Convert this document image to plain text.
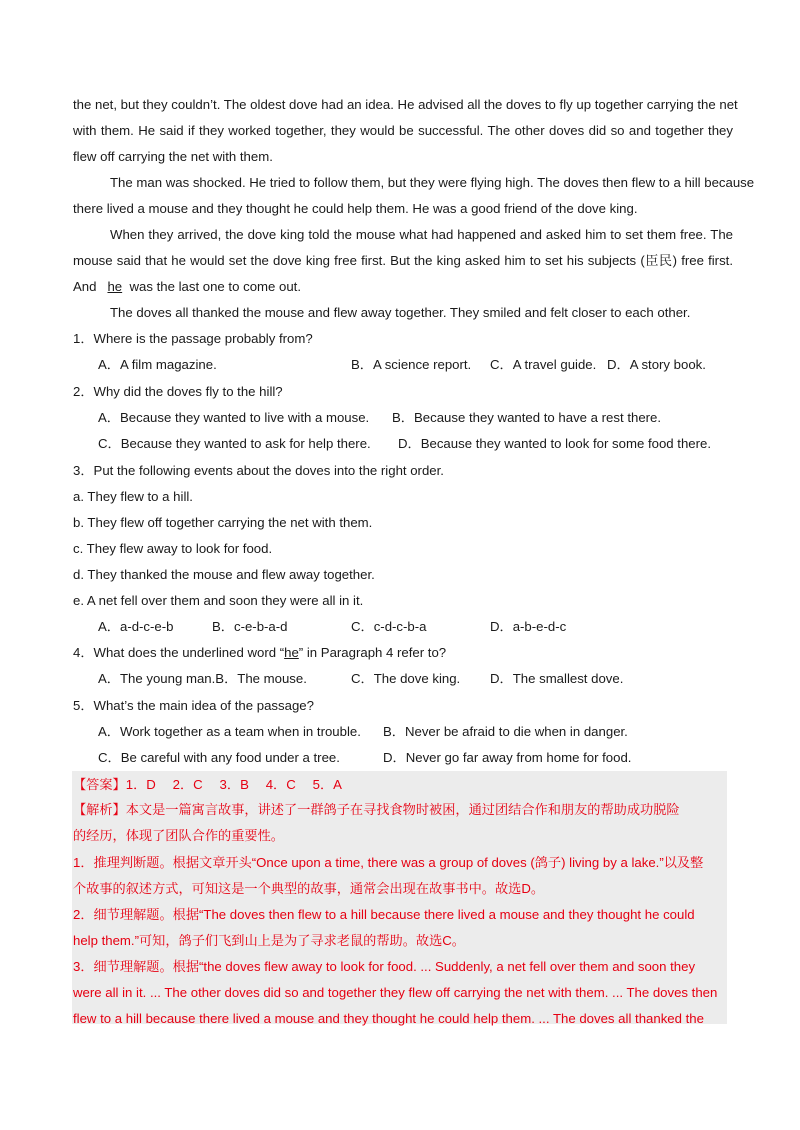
the net, but they couldn’t. The oldest dove had an idea. He advised all the doves to fly up together carrying the net
with them. He said if they worked together, they would be successful. The other doves did so and together they
flew off carrying the net with them.
The man was shocked. He tried to follow them, but they were flying high. The doves then flew to a hill because
there lived a mouse and they thought he could help them. He was a good friend of the dove king.
When they arrived, the dove king told the mouse what had happened and asked him to set them free. The
mouse said that he would set the dove king free first. But the king asked him to set his subjects (臣民) free first.
And he was the last one to come out.
The doves all thanked the mouse and flew away together. They smiled and felt closer to each other.
1．Where is the passage probably from?
A．A film magazine.	B．A science report. C．A travel guide. D．A story book.
2．Why did the doves fly to the hill?
A．Because they wanted to live with a mouse. B．Because they wanted to have a rest there.
C．Because they wanted to ask for help there. D．Because they wanted to look for some food there.
3．Put the following events about the doves into the right order.
a. They flew to a hill.
b. They flew off together carrying the net with them.
c. They flew away to look for food.
d. They thanked the mouse and flew away together.
e. A net fell over them and soon they were all in it.
A．a-d-c-e-b	B．c-e-b-a-d	C．c-d-c-b-a	D．a-b-e-d-c
4．What does the underlined word “he” in Paragraph 4 refer to?
A．The young man.B．The mouse.	C．The dove king. D．The smallest dove.
5．What’s the main idea of the passage?
A．Work together as a team when in trouble. B．Never be afraid to die when in danger.
C．Be careful with any food under a tree.	D．Never go far away from home for food.
【答案】1．D　 2．C　 3．B　 4．C　 5．A
【解析】本文是一篇寓言故事，讲述了一群鸽子在寻找食物时被困，通过团结合作和朋友的帮助成功脱险
的经历，体现了团队合作的重要性。
1．推理判断题。根据文章开头“Once upon a time, there was a group of doves (鸽子) living by a lake.”以及整
个故事的叙述方式，可知这是一个典型的故事，通常会出现在故事书中。故选D。
2．细节理解题。根据“The doves then flew to a hill because there lived a mouse and they thought he could
help them.”可知，鸽子们飞到山上是为了寻求老鼠的帮助。故选C。
3．细节理解题。根据“the doves flew away to look for food. ... Suddenly, a net fell over them and soon they
were all in it. ... The other doves did so and together they flew off carrying the net with them. ... The doves then
flew to a hill because there lived a mouse and they thought he could help them. ... The doves all thanked the
